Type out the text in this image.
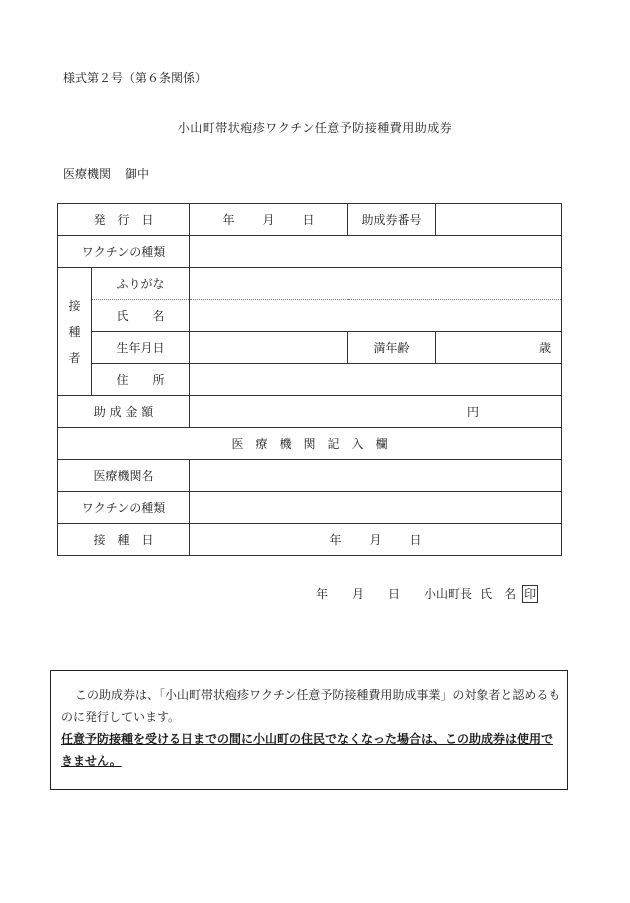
様式第２号（第６条関係）
小山町帯状疱疹ワクチン任意予防接種費用助成券
医療機関 御中
発　行　日		年 月 日	助成券番号	
ワクチンの種類				

接
種
者	ふりがな			
	氏　　名			
	生年月日		満年齢	歳
	住　　所			
助 成 金 額		円		
医　療　機　関　記　入　欄				
医療機関名				
ワクチンの種類				
接　種　日		年 月 日		
年 月 日 小山町長 氏　名 印
この助成券は、「小山町帯状疱疹ワクチン任意予防接種費用助成事業」の対象者と認めるものに発行しています。
任意予防接種を受ける日までの間に小山町の住民でなくなった場合は、この助成券は使用できません。
